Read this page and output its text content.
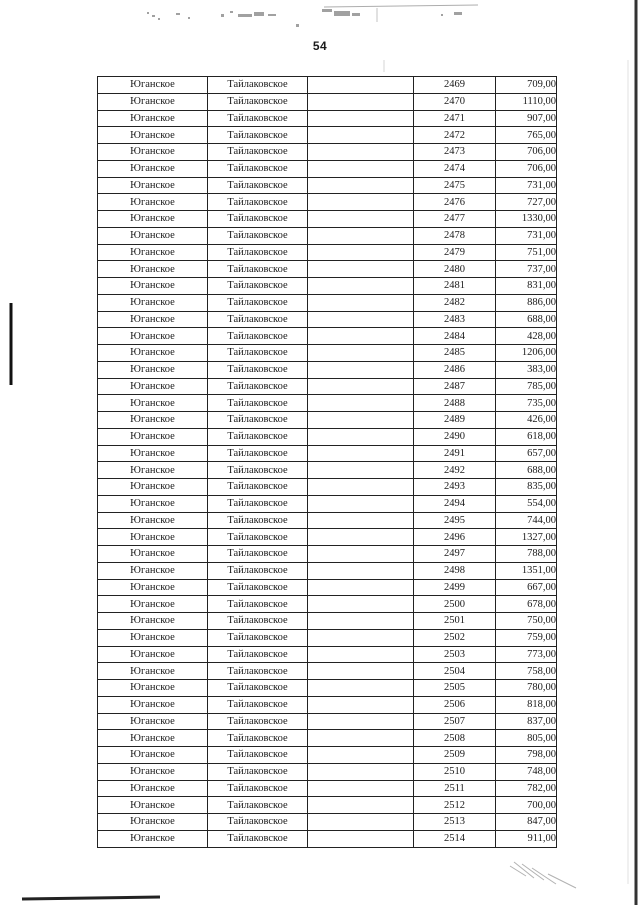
54
Юганское	Тайлаковское		2469	709,00
Юганское	Тайлаковское		2470	1110,00
Юганское	Тайлаковское		2471	907,00
Юганское	Тайлаковское		2472	765,00
Юганское	Тайлаковское		2473	706,00
Юганское	Тайлаковское		2474	706,00
Юганское	Тайлаковское		2475	731,00
Юганское	Тайлаковское		2476	727,00
Юганское	Тайлаковское		2477	1330,00
Юганское	Тайлаковское		2478	731,00
Юганское	Тайлаковское		2479	751,00
Юганское	Тайлаковское		2480	737,00
Юганское	Тайлаковское		2481	831,00
Юганское	Тайлаковское		2482	886,00
Юганское	Тайлаковское		2483	688,00
Юганское	Тайлаковское		2484	428,00
Юганское	Тайлаковское		2485	1206,00
Юганское	Тайлаковское		2486	383,00
Юганское	Тайлаковское		2487	785,00
Юганское	Тайлаковское		2488	735,00
Юганское	Тайлаковское		2489	426,00
Юганское	Тайлаковское		2490	618,00
Юганское	Тайлаковское		2491	657,00
Юганское	Тайлаковское		2492	688,00
Юганское	Тайлаковское		2493	835,00
Юганское	Тайлаковское		2494	554,00
Юганское	Тайлаковское		2495	744,00
Юганское	Тайлаковское		2496	1327,00
Юганское	Тайлаковское		2497	788,00
Юганское	Тайлаковское		2498	1351,00
Юганское	Тайлаковское		2499	667,00
Юганское	Тайлаковское		2500	678,00
Юганское	Тайлаковское		2501	750,00
Юганское	Тайлаковское		2502	759,00
Юганское	Тайлаковское		2503	773,00
Юганское	Тайлаковское		2504	758,00
Юганское	Тайлаковское		2505	780,00
Юганское	Тайлаковское		2506	818,00
Юганское	Тайлаковское		2507	837,00
Юганское	Тайлаковское		2508	805,00
Юганское	Тайлаковское		2509	798,00
Юганское	Тайлаковское		2510	748,00
Юганское	Тайлаковское		2511	782,00
Юганское	Тайлаковское		2512	700,00
Юганское	Тайлаковское		2513	847,00
Юганское	Тайлаковское		2514	911,00
